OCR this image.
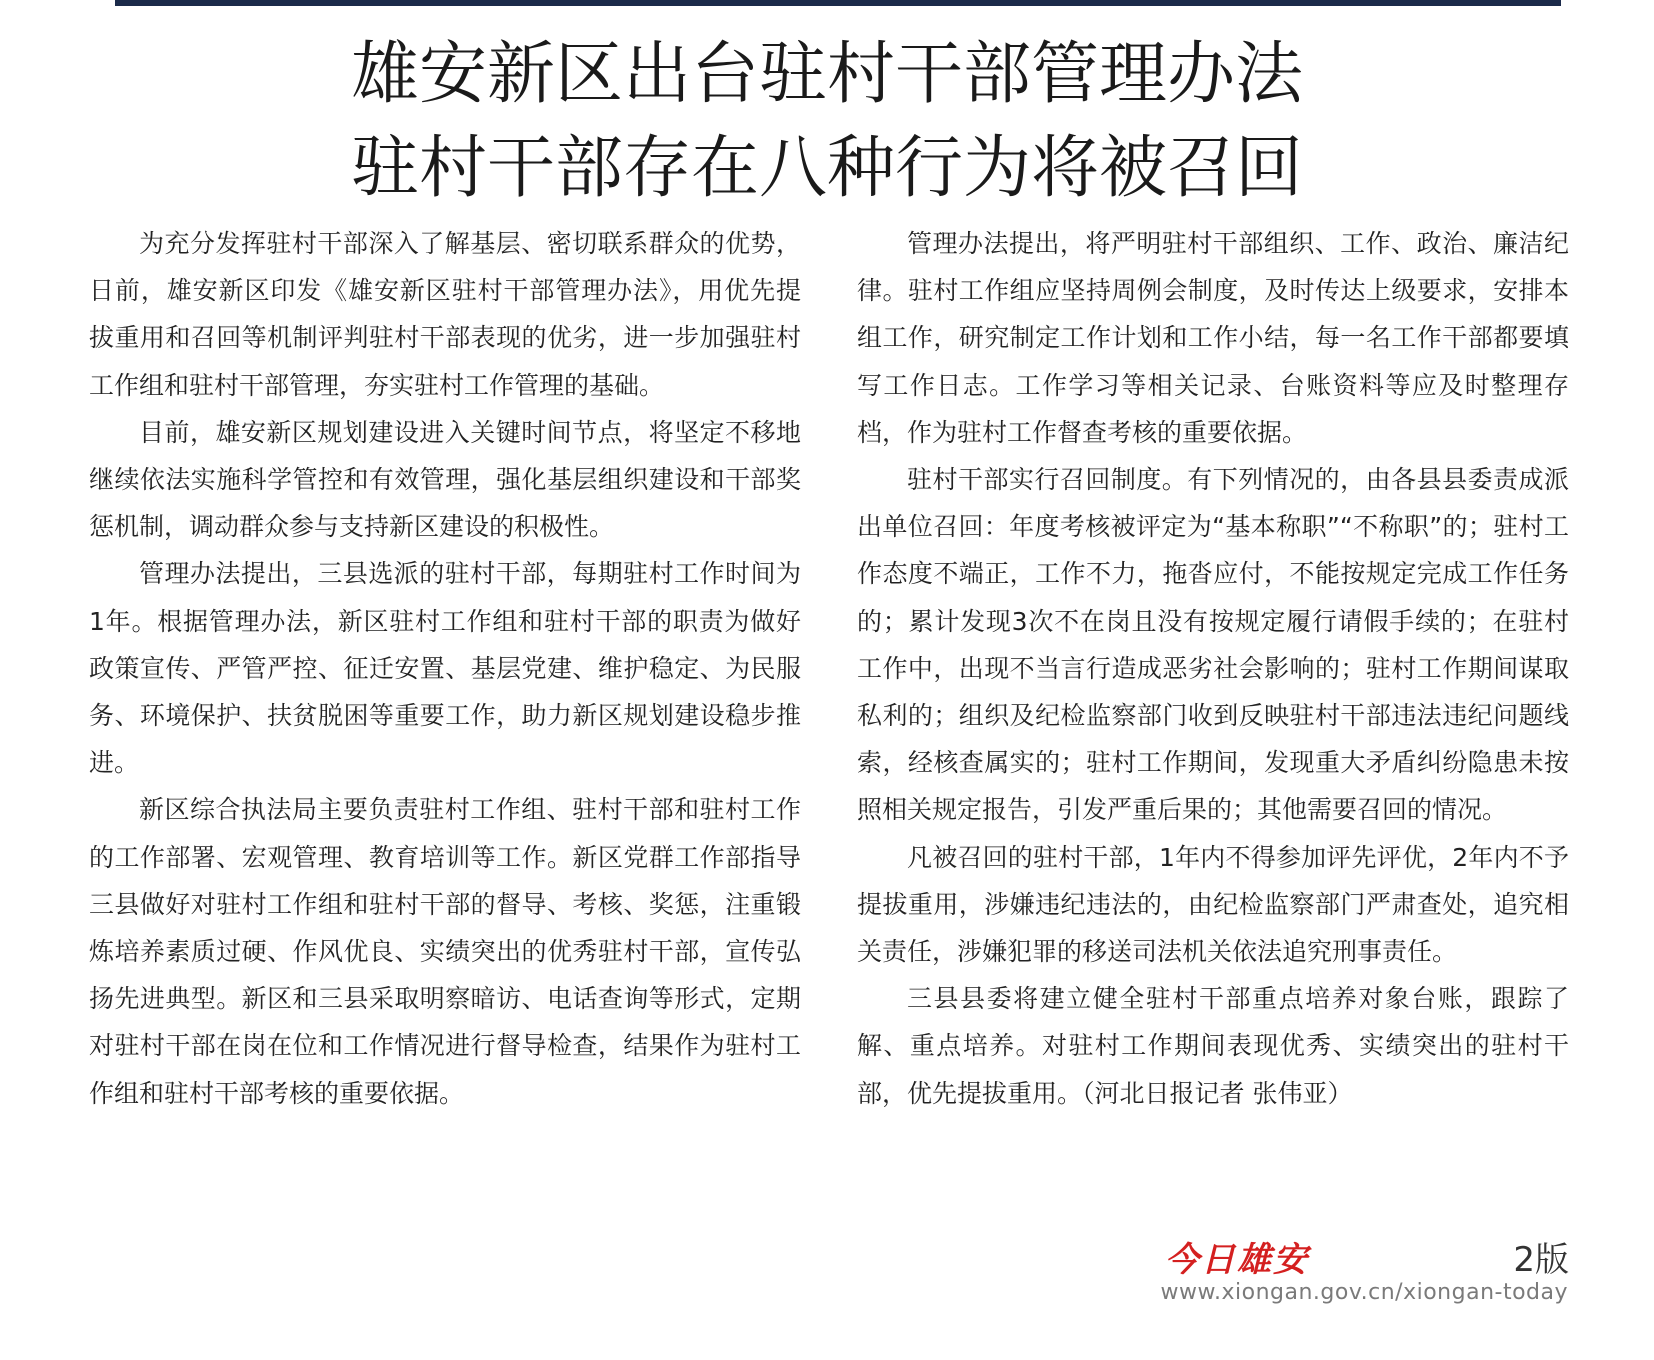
雄安新区出台驻村干部管理办法
驻村干部存在八种行为将被召回

为充分发挥驻村干部深入了解基层、密切联系群众的优势，日前，雄安新区印发《雄安新区驻村干部管理办法》，用优先提拔重用和召回等机制评判驻村干部表现的优劣，进一步加强驻村工作组和驻村干部管理，夯实驻村工作管理的基础。

目前，雄安新区规划建设进入关键时间节点，将坚定不移地继续依法实施科学管控和有效管理，强化基层组织建设和干部奖惩机制，调动群众参与支持新区建设的积极性。

管理办法提出，三县选派的驻村干部，每期驻村工作时间为1年。根据管理办法，新区驻村工作组和驻村干部的职责为做好政策宣传、严管严控、征迁安置、基层党建、维护稳定、为民服务、环境保护、扶贫脱困等重要工作，助力新区规划建设稳步推进。

新区综合执法局主要负责驻村工作组、驻村干部和驻村工作的工作部署、宏观管理、教育培训等工作。新区党群工作部指导三县做好对驻村工作组和驻村干部的督导、考核、奖惩，注重锻炼培养素质过硬、作风优良、实绩突出的优秀驻村干部，宣传弘扬先进典型。新区和三县采取明察暗访、电话查询等形式，定期对驻村干部在岗在位和工作情况进行督导检查，结果作为驻村工作组和驻村干部考核的重要依据。

管理办法提出，将严明驻村干部组织、工作、政治、廉洁纪律。驻村工作组应坚持周例会制度，及时传达上级要求，安排本组工作，研究制定工作计划和工作小结，每一名工作干部都要填写工作日志。工作学习等相关记录、台账资料等应及时整理存档，作为驻村工作督查考核的重要依据。

驻村干部实行召回制度。有下列情况的，由各县县委责成派出单位召回：年度考核被评定为“基本称职”“不称职”的；驻村工作态度不端正，工作不力，拖沓应付，不能按规定完成工作任务的；累计发现3次不在岗且没有按规定履行请假手续的；在驻村工作中，出现不当言行造成恶劣社会影响的；驻村工作期间谋取私利的；组织及纪检监察部门收到反映驻村干部违法违纪问题线索，经核查属实的；驻村工作期间，发现重大矛盾纠纷隐患未按照相关规定报告，引发严重后果的；其他需要召回的情况。

凡被召回的驻村干部，1年内不得参加评先评优，2年内不予提拔重用，涉嫌违纪违法的，由纪检监察部门严肃查处，追究相关责任，涉嫌犯罪的移送司法机关依法追究刑事责任。

三县县委将建立健全驻村干部重点培养对象台账，跟踪了解、重点培养。对驻村工作期间表现优秀、实绩突出的驻村干部，优先提拔重用。（河北日报记者 张伟亚）

今日雄安	2版
www.xiongan.gov.cn/xiongan-today
